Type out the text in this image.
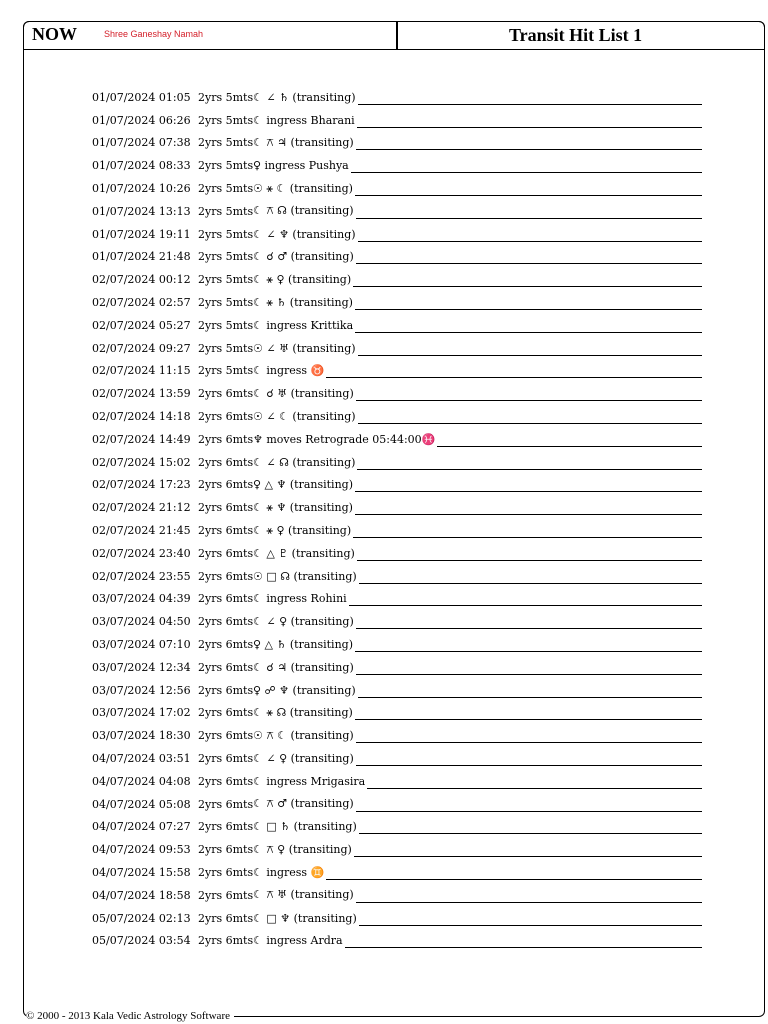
NOW	Shree Ganeshay Namah	Transit Hit List 1
01/07/2024 01:05 2yrs 5mts ☾ ∠ ♄ (transiting)
01/07/2024 06:26 2yrs 5mts ☾ ingress Bharani
01/07/2024 07:38 2yrs 5mts ☾ ⚻ ♃ (transiting)
01/07/2024 08:33 2yrs 5mts ♀ ingress Pushya
01/07/2024 10:26 2yrs 5mts ☉ ⚹ ☾ (transiting)
01/07/2024 13:13 2yrs 5mts ☾ ⚻ ☊ (transiting)
01/07/2024 19:11 2yrs 5mts ☾ ∠ ♆ (transiting)
01/07/2024 21:48 2yrs 5mts ☾ ☌ ♂ (transiting)
02/07/2024 00:12 2yrs 5mts ☾ ⚹ ♀ (transiting)
02/07/2024 02:57 2yrs 5mts ☾ ⚹ ♄ (transiting)
02/07/2024 05:27 2yrs 5mts ☾ ingress Krittika
02/07/2024 09:27 2yrs 5mts ☉ ∠ ♅ (transiting)
02/07/2024 11:15 2yrs 5mts ☾ ingress ♉
02/07/2024 13:59 2yrs 6mts ☾ ☌ ♅ (transiting)
02/07/2024 14:18 2yrs 6mts ☉ ∠ ☾ (transiting)
02/07/2024 14:49 2yrs 6mts ♆ moves Retrograde 05:44:00♓
02/07/2024 15:02 2yrs 6mts ☾ ∠ ☊ (transiting)
02/07/2024 17:23 2yrs 6mts ♀ △ ♆ (transiting)
02/07/2024 21:12 2yrs 6mts ☾ ⚹ ♆ (transiting)
02/07/2024 21:45 2yrs 6mts ☾ ⚹ ♀ (transiting)
02/07/2024 23:40 2yrs 6mts ☾ △ ♇ (transiting)
02/07/2024 23:55 2yrs 6mts ☉ □ ☊ (transiting)
03/07/2024 04:39 2yrs 6mts ☾ ingress Rohini
03/07/2024 04:50 2yrs 6mts ☾ ∠ ♀ (transiting)
03/07/2024 07:10 2yrs 6mts ♀ △ ♄ (transiting)
03/07/2024 12:34 2yrs 6mts ☾ ☌ ♃ (transiting)
03/07/2024 12:56 2yrs 6mts ♀ ☍ ♆ (transiting)
03/07/2024 17:02 2yrs 6mts ☾ ⚹ ☊ (transiting)
03/07/2024 18:30 2yrs 6mts ☉ ⚻ ☾ (transiting)
04/07/2024 03:51 2yrs 6mts ☾ ∠ ♀ (transiting)
04/07/2024 04:08 2yrs 6mts ☾ ingress Mrigasira
04/07/2024 05:08 2yrs 6mts ☾ ⚻ ♂ (transiting)
04/07/2024 07:27 2yrs 6mts ☾ □ ♄ (transiting)
04/07/2024 09:53 2yrs 6mts ☾ ⚻ ♀ (transiting)
04/07/2024 15:58 2yrs 6mts ☾ ingress ♊
04/07/2024 18:58 2yrs 6mts ☾ ⚻ ♅ (transiting)
05/07/2024 02:13 2yrs 6mts ☾ □ ♆ (transiting)
05/07/2024 03:54 2yrs 6mts ☾ ingress Ardra
© 2000 - 2013 Kala Vedic Astrology Software
